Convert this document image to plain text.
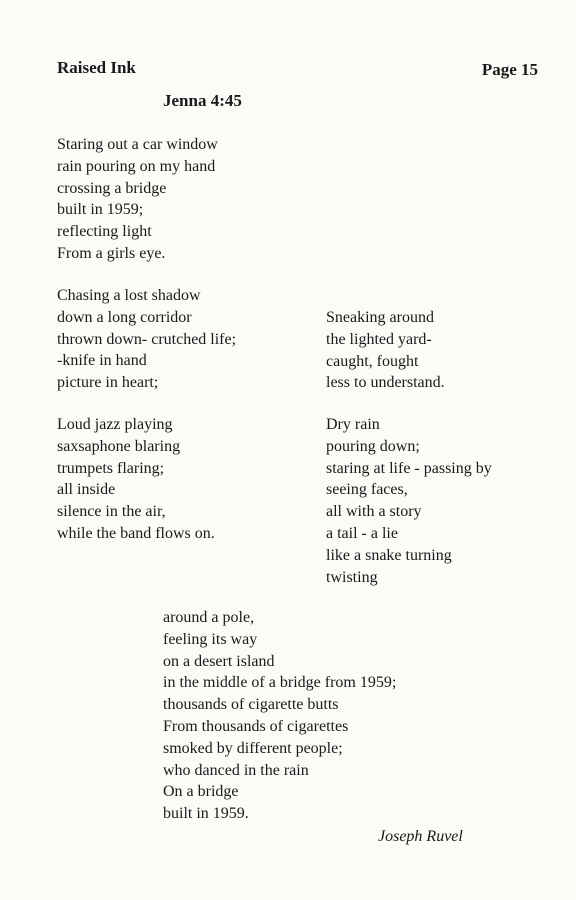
Raised Ink	Page 15
Jenna 4:45
Staring out a car window
rain pouring on my hand
crossing a bridge
built in 1959;
reflecting light
From a girls eye.
Chasing a lost shadow
down a long corridor
thrown down- crutched life;
-knife in hand
picture in heart;
Loud jazz playing
saxsaphone blaring
trumpets flaring;
all inside
silence in the air,
while the band flows on.
Sneaking around
the lighted yard-
caught, fought
less to understand.
Dry rain
pouring down;
staring at life - passing by
seeing faces,
all with a story
a tail - a lie
like a snake turning
twisting
around a pole,
feeling its way
on a desert island
in the middle of a bridge from 1959;
thousands of cigarette butts
From thousands of cigarettes
smoked by different people;
who danced in the rain
On a bridge
built in 1959.
Joseph Ruvel
